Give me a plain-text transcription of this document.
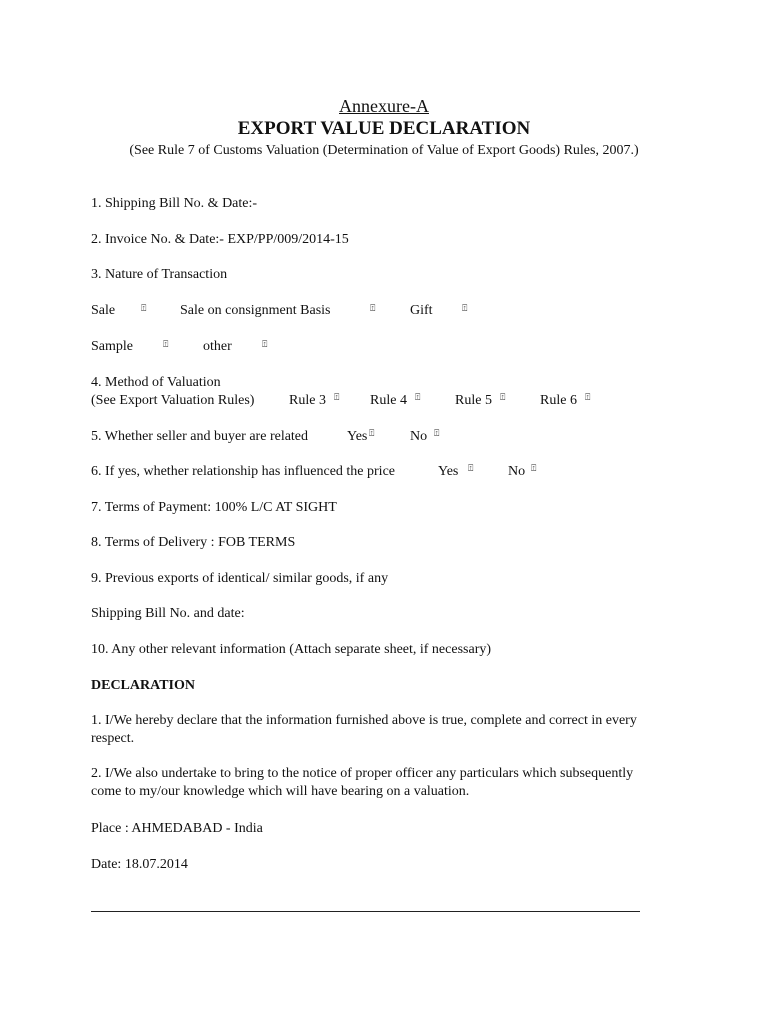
Annexure-A
EXPORT VALUE DECLARATION
(See Rule 7 of Customs Valuation (Determination of Value of Export Goods) Rules, 2007.)
1. Shipping Bill No. & Date:-
2. Invoice No. & Date:- EXP/PP/009/2014-15
3. Nature of Transaction
Sale	⍐ Sale on consignment Basis	⍐ Gift	⍐
Sample	⍐ other	⍐
4. Method of Valuation
(See Export Valuation Rules) Rule 3 ⍐ Rule 4 ⍐ Rule 5 ⍐ Rule 6 ⍐
5. Whether seller and buyer are related	Yes ⍐	No ⍐
6. If yes, whether relationship has influenced the price	Yes ⍐ No ⍐
7. Terms of Payment: 100% L/C AT SIGHT
8. Terms of Delivery : FOB TERMS
9. Previous exports of identical/ similar goods, if any
Shipping Bill No. and date:
10. Any other relevant information (Attach separate sheet, if necessary)
DECLARATION
1. I/We hereby declare that the information furnished above is true, complete and correct in every respect.
2. I/We also undertake to bring to the notice of proper officer any particulars which subsequently come to my/our knowledge which will have bearing on a valuation.
Place : AHMEDABAD - India
Date: 18.07.2014
